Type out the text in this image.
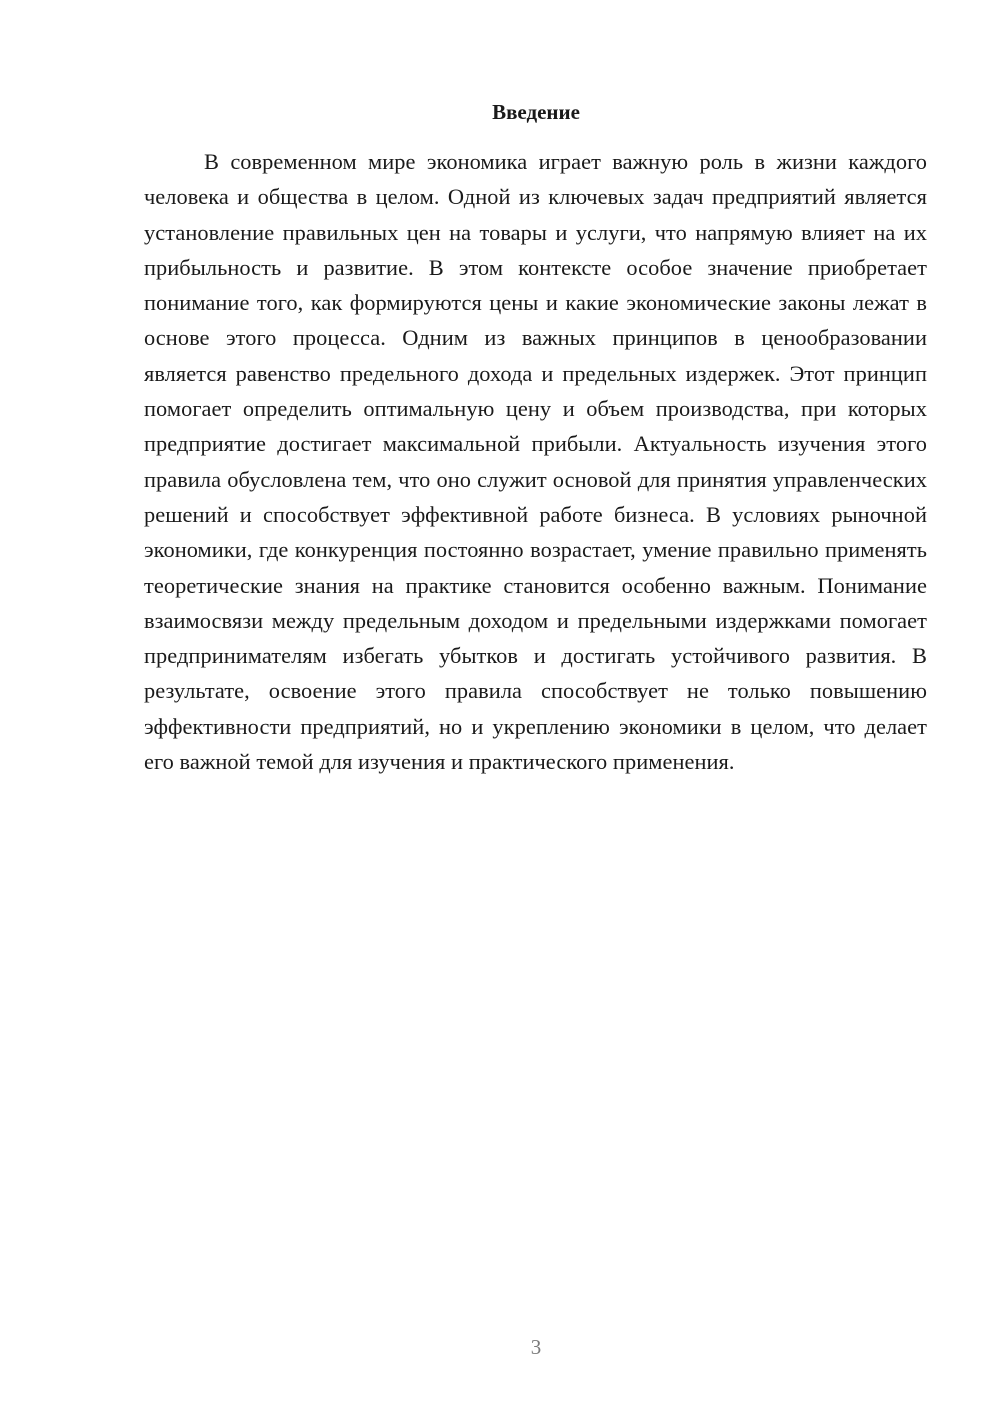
Введение

В современном мире экономика играет важную роль в жизни каждого человека и общества в целом. Одной из ключевых задач предприятий является установление правильных цен на товары и услуги, что напрямую влияет на их прибыльность и развитие. В этом контексте особое значение приобретает понимание того, как формируются цены и какие экономические законы лежат в основе этого процесса. Одним из важных принципов в ценообразовании является равенство предельного дохода и предельных издержек. Этот принцип помогает определить оптимальную цену и объем производства, при которых предприятие достигает максимальной прибыли. Актуальность изучения этого правила обусловлена тем, что оно служит основой для принятия управленческих решений и способствует эффективной работе бизнеса. В условиях рыночной экономики, где конкуренция постоянно возрастает, умение правильно применять теоретические знания на практике становится особенно важным. Понимание взаимосвязи между предельным доходом и предельными издержками помогает предпринимателям избегать убытков и достигать устойчивого развития. В результате, освоение этого правила способствует не только повышению эффективности предприятий, но и укреплению экономики в целом, что делает его важной темой для изучения и практического применения.

3
